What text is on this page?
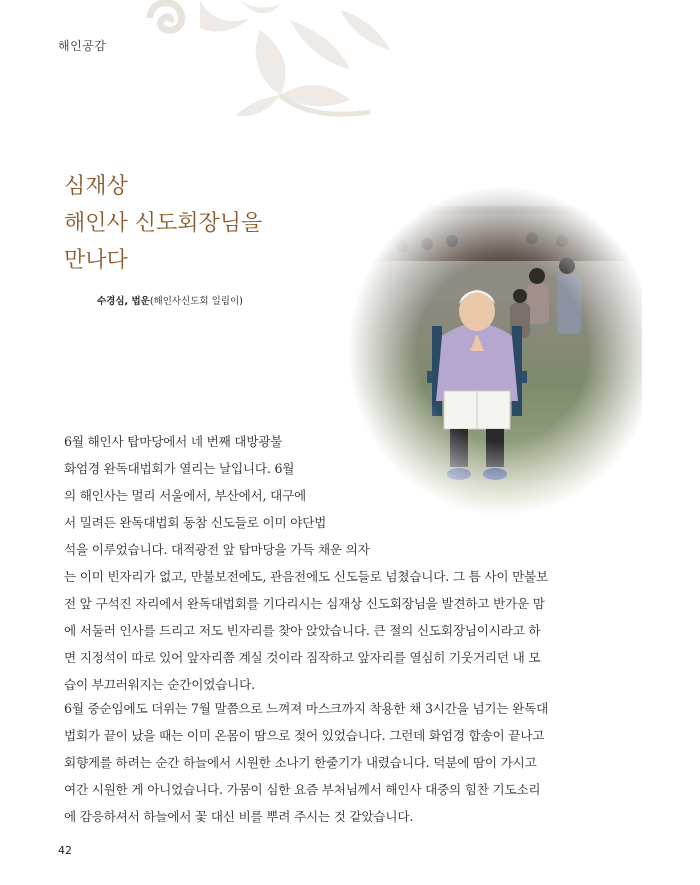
해인공감
심재상
해인사 신도회장님을
만나다
수경심, 법운(해인사신도회 일림이)
6월 해인사 탑마당에서 네 번째 대방광불
화엄경 완독대법회가 열리는 날입니다. 6월
의 해인사는 멀리 서울에서, 부산에서, 대구에
서 밀려든 완독대법회 동참 신도들로 이미 야단법
석을 이루었습니다. 대적광전 앞 탑마당을 가득 채운 의자
는 이미 빈자리가 없고, 만불보전에도, 관음전에도 신도들로 넘쳤습니다. 그 틈 사이 만불보
전 앞 구석진 자리에서 완독대법회를 기다리시는 심재상 신도회장님을 발견하고 반가운 맘
에 서둘러 인사를 드리고 저도 빈자리를 찾아 앉았습니다. 큰 절의 신도회장님이시라고 하
면 지정석이 따로 있어 앞자리쯤 계실 것이라 짐작하고 앞자리를 열심히 기웃거리던 내 모
습이 부끄러워지는 순간이었습니다.
6월 중순임에도 더위는 7월 말쯤으로 느껴져 마스크까지 착용한 채 3시간을 넘기는 완독대
법회가 끝이 났을 때는 이미 온몸이 땀으로 젖어 있었습니다. 그런데 화엄경 합송이 끝나고
회향게를 하려는 순간 하늘에서 시원한 소나기 한줄기가 내렸습니다. 덕분에 땀이 가시고
여간 시원한 게 아니었습니다. 가뭄이 심한 요즘 부처님께서 해인사 대중의 힘찬 기도소리
에 감응하셔서 하늘에서 꽃 대신 비를 뿌려 주시는 것 같았습니다.
42
